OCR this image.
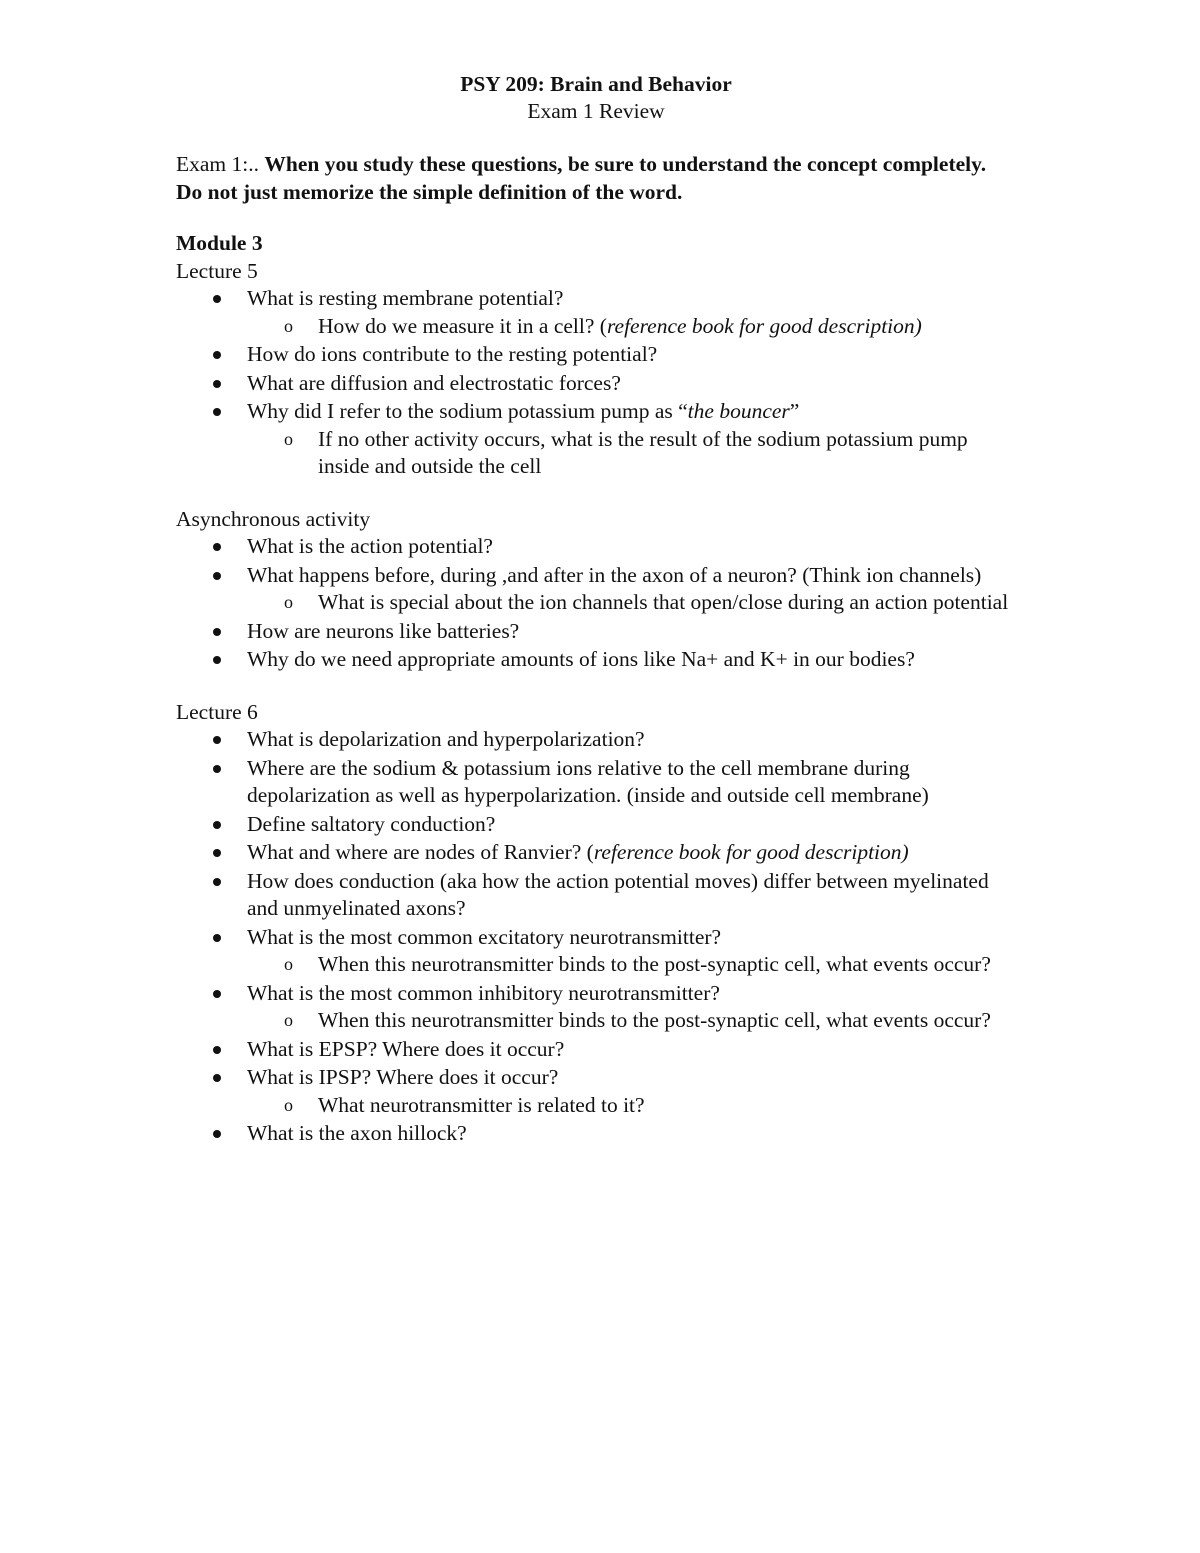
PSY 209: Brain and Behavior

Exam 1 Review

Exam 1:.. When you study these questions, be sure to understand the concept completely. Do not just memorize the simple definition of the word.

Module 3

Lecture 5

What is resting membrane potential?
o How do we measure it in a cell? (reference book for good description)
How do ions contribute to the resting potential?
What are diffusion and electrostatic forces?
Why did I refer to the sodium potassium pump as “the bouncer”
o If no other activity occurs, what is the result of the sodium potassium pump inside and outside the cell

Asynchronous activity

What is the action potential?
What happens before, during ,and after in the axon of a neuron? (Think ion channels)
o What is special about the ion channels that open/close during an action potential
How are neurons like batteries?
Why do we need appropriate amounts of ions like Na+ and K+ in our bodies?

Lecture 6

What is depolarization and hyperpolarization?
Where are the sodium & potassium ions relative to the cell membrane during depolarization as well as hyperpolarization. (inside and outside cell membrane)
Define saltatory conduction?
What and where are nodes of Ranvier? (reference book for good description)
How does conduction (aka how the action potential moves) differ between myelinated and unmyelinated axons?
What is the most common excitatory neurotransmitter?
o When this neurotransmitter binds to the post-synaptic cell, what events occur?
What is the most common inhibitory neurotransmitter?
o When this neurotransmitter binds to the post-synaptic cell, what events occur?
What is EPSP? Where does it occur?
What is IPSP? Where does it occur?
o What neurotransmitter is related to it?
What is the axon hillock?
